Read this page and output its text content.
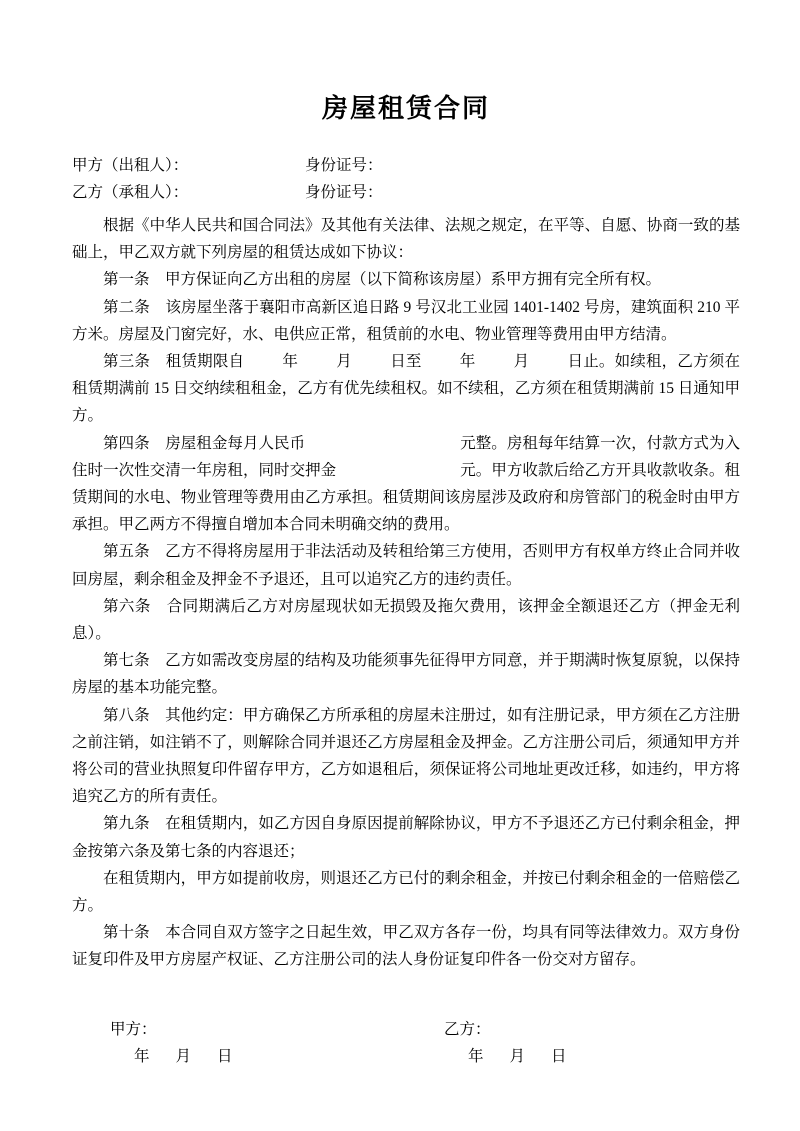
房屋租赁合同
甲方（出租人）：	身份证号：
乙方（承租人）：	身份证号：

根据《中华人民共和国合同法》及其他有关法律、法规之规定，在平等、自愿、协商一致的基础上，甲乙双方就下列房屋的租赁达成如下协议：

第一条　甲方保证向乙方出租的房屋（以下简称该房屋）系甲方拥有完全所有权。

第二条　该房屋坐落于襄阳市高新区追日路 9 号汉北工业园 1401-1402 号房，建筑面积 210 平方米。房屋及门窗完好，水、电供应正常，租赁前的水电、物业管理等费用由甲方结清。

第三条　租赁期限自 年 月 日至 年 月 日止。如续租，乙方须在租赁期满前 15 日交纳续租租金，乙方有优先续租权。如不续租，乙方须在租赁期满前 15 日通知甲方。

第四条　房屋租金每月人民币	元整。房租每年结算一次，付款方式为入住时一次性交清一年房租，同时交押金	元。甲方收款后给乙方开具收款收条。租赁期间的水电、物业管理等费用由乙方承担。租赁期间该房屋涉及政府和房管部门的税金时由甲方承担。甲乙两方不得擅自增加本合同未明确交纳的费用。

第五条　乙方不得将房屋用于非法活动及转租给第三方使用，否则甲方有权单方终止合同并收回房屋，剩余租金及押金不予退还，且可以追究乙方的违约责任。

第六条　合同期满后乙方对房屋现状如无损毁及拖欠费用，该押金全额退还乙方（押金无利息）。

第七条　乙方如需改变房屋的结构及功能须事先征得甲方同意，并于期满时恢复原貌，以保持房屋的基本功能完整。

第八条　其他约定：甲方确保乙方所承租的房屋未注册过，如有注册记录，甲方须在乙方注册之前注销，如注销不了，则解除合同并退还乙方房屋租金及押金。乙方注册公司后，须通知甲方并将公司的营业执照复印件留存甲方，乙方如退租后，须保证将公司地址更改迁移，如违约，甲方将追究乙方的所有责任。

第九条　在租赁期内，如乙方因自身原因提前解除协议，甲方不予退还乙方已付剩余租金，押金按第六条及第七条的内容退还；

在租赁期内，甲方如提前收房，则退还乙方已付的剩余租金，并按已付剩余租金的一倍赔偿乙方。

第十条　本合同自双方签字之日起生效，甲乙双方各存一份，均具有同等法律效力。双方身份证复印件及甲方房屋产权证、乙方注册公司的法人身份证复印件各一份交对方留存。

甲方：
年 月 日
乙方：
年 月 日
